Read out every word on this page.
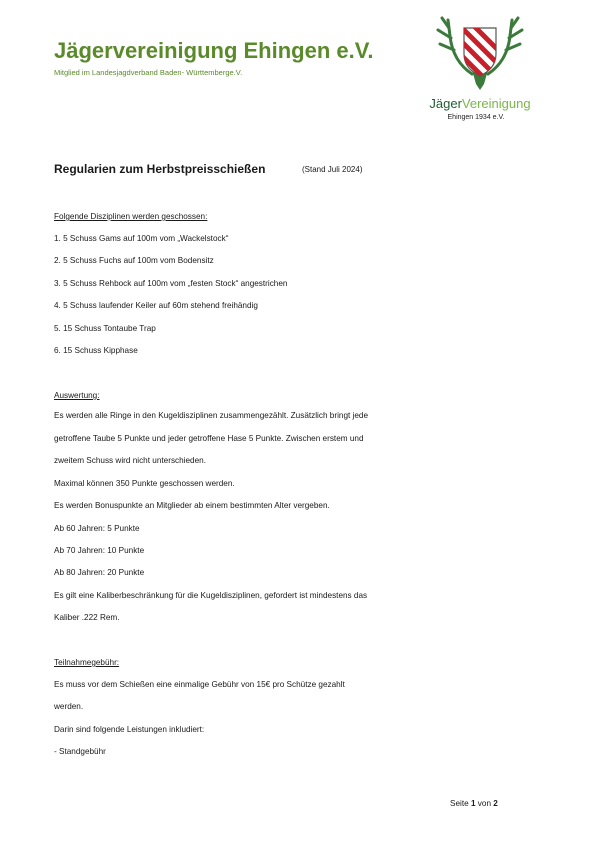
Jägervereinigung Ehingen e.V.
Mitglied im Landesjagdverband Baden- Württemberge.V.
JägerVereinigung
Ehingen 1934 e.V.
Regularien zum Herbstpreisschießen	(Stand Juli 2024)
Folgende Disziplinen werden geschossen:
1. 5 Schuss Gams auf 100m vom „Wackelstock“
2. 5 Schuss Fuchs auf 100m vom Bodensitz
3. 5 Schuss Rehbock auf 100m vom „festen Stock“ angestrichen
4. 5 Schuss laufender Keiler auf 60m stehend freihändig
5. 15 Schuss Tontaube Trap
6. 15 Schuss Kipphase
Auswertung:
Es werden alle Ringe in den Kugeldisziplinen zusammengezählt. Zusätzlich bringt jede
getroffene Taube 5 Punkte und jeder getroffene Hase 5 Punkte. Zwischen erstem und
zweitem Schuss wird nicht unterschieden.
Maximal können 350 Punkte geschossen werden.
Es werden Bonuspunkte an Mitglieder ab einem bestimmten Alter vergeben.
Ab 60 Jahren: 5 Punkte
Ab 70 Jahren: 10 Punkte
Ab 80 Jahren: 20 Punkte
Es gilt eine Kaliberbeschränkung für die Kugeldisziplinen, gefordert ist mindestens das
Kaliber .222 Rem.
Teilnahmegebühr:
Es muss vor dem Schießen eine einmalige Gebühr von 15€ pro Schütze gezahlt
werden.
Darin sind folgende Leistungen inkludiert:
- Standgebühr
Seite 1 von 2
